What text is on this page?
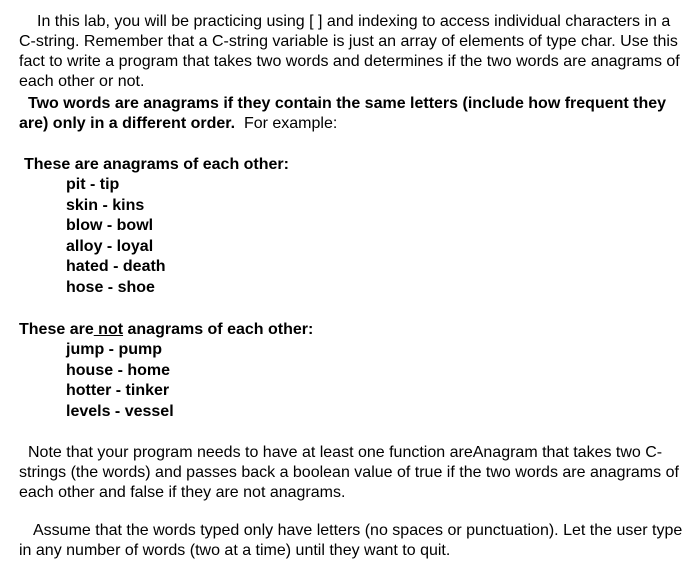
In this lab, you will be practicing using [ ] and indexing to access individual characters in a C-string. Remember that a C-string variable is just an array of elements of type char. Use this fact to write a program that takes two words and determines if the two words are anagrams of each other or not.

Two words are anagrams if they contain the same letters (include how frequent they are) only in a different order. For example:

These are anagrams of each other:

pit - tip
skin - kins
blow - bowl
alloy - loyal
hated - death
hose - shoe

These are not anagrams of each other:

jump - pump
house - home
hotter - tinker
levels - vessel

Note that your program needs to have at least one function areAnagram that takes two C-strings (the words) and passes back a boolean value of true if the two words are anagrams of each other and false if they are not anagrams.

Assume that the words typed only have letters (no spaces or punctuation). Let the user type in any number of words (two at a time) until they want to quit.
